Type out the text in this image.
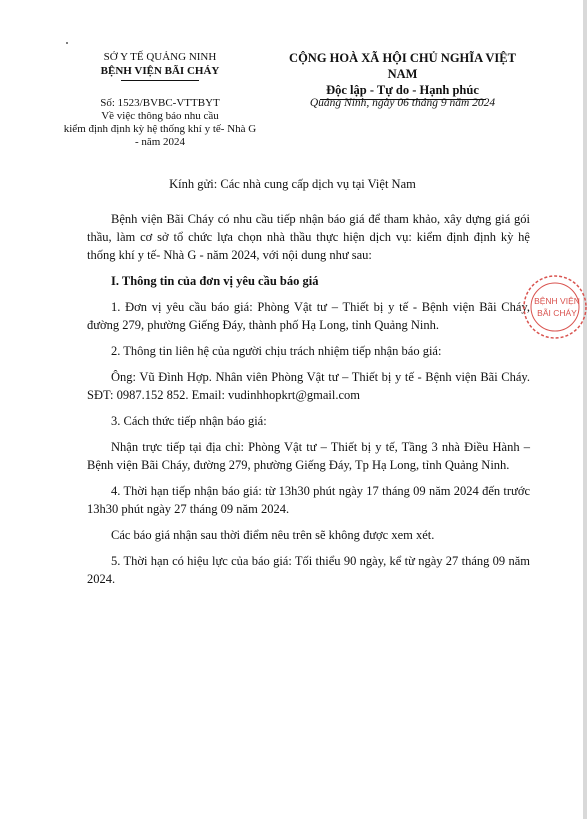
SỞ Y TẾ QUẢNG NINH
BỆNH VIỆN BÃI CHÁY
CỘNG HOÀ XÃ HỘI CHỦ NGHĨA VIỆT NAM
Độc lập - Tự do - Hạnh phúc
Số: 1523/BVBC-VTTBYT
Về việc thông báo nhu cầu
kiểm định định kỳ hệ thống khí y tế- Nhà G
- năm 2024
Quảng Ninh, ngày 06 tháng 9 năm 2024
Kính gửi: Các nhà cung cấp dịch vụ tại Việt Nam

Bệnh viện Bãi Cháy có nhu cầu tiếp nhận báo giá để tham khảo, xây dựng giá gói thầu, làm cơ sở tổ chức lựa chọn nhà thầu thực hiện dịch vụ: kiểm định định kỳ hệ thống khí y tế- Nhà G - năm 2024, với nội dung như sau:

I. Thông tin của đơn vị yêu cầu báo giá

1. Đơn vị yêu cầu báo giá: Phòng Vật tư – Thiết bị y tế - Bệnh viện Bãi Cháy, đường 279, phường Giếng Đáy, thành phố Hạ Long, tỉnh Quảng Ninh.

2. Thông tin liên hệ của người chịu trách nhiệm tiếp nhận báo giá:

Ông: Vũ Đình Hợp. Nhân viên Phòng Vật tư – Thiết bị y tế - Bệnh viện Bãi Cháy. SĐT: 0987.152 852. Email: vudinhhopkrt@gmail.com

3. Cách thức tiếp nhận báo giá:

Nhận trực tiếp tại địa chỉ: Phòng Vật tư – Thiết bị y tế, Tầng 3 nhà Điều Hành – Bệnh viện Bãi Cháy, đường 279, phường Giếng Đáy, Tp Hạ Long, tỉnh Quảng Ninh.

4. Thời hạn tiếp nhận báo giá: từ 13h30 phút ngày 17 tháng 09 năm 2024 đến trước 13h30 phút ngày 27 tháng 09 năm 2024.

Các báo giá nhận sau thời điểm nêu trên sẽ không được xem xét.

5. Thời hạn có hiệu lực của báo giá: Tối thiểu 90 ngày, kể từ ngày 27 tháng 09 năm 2024.

BỆNH VIỆN
BÃI CHÁY
